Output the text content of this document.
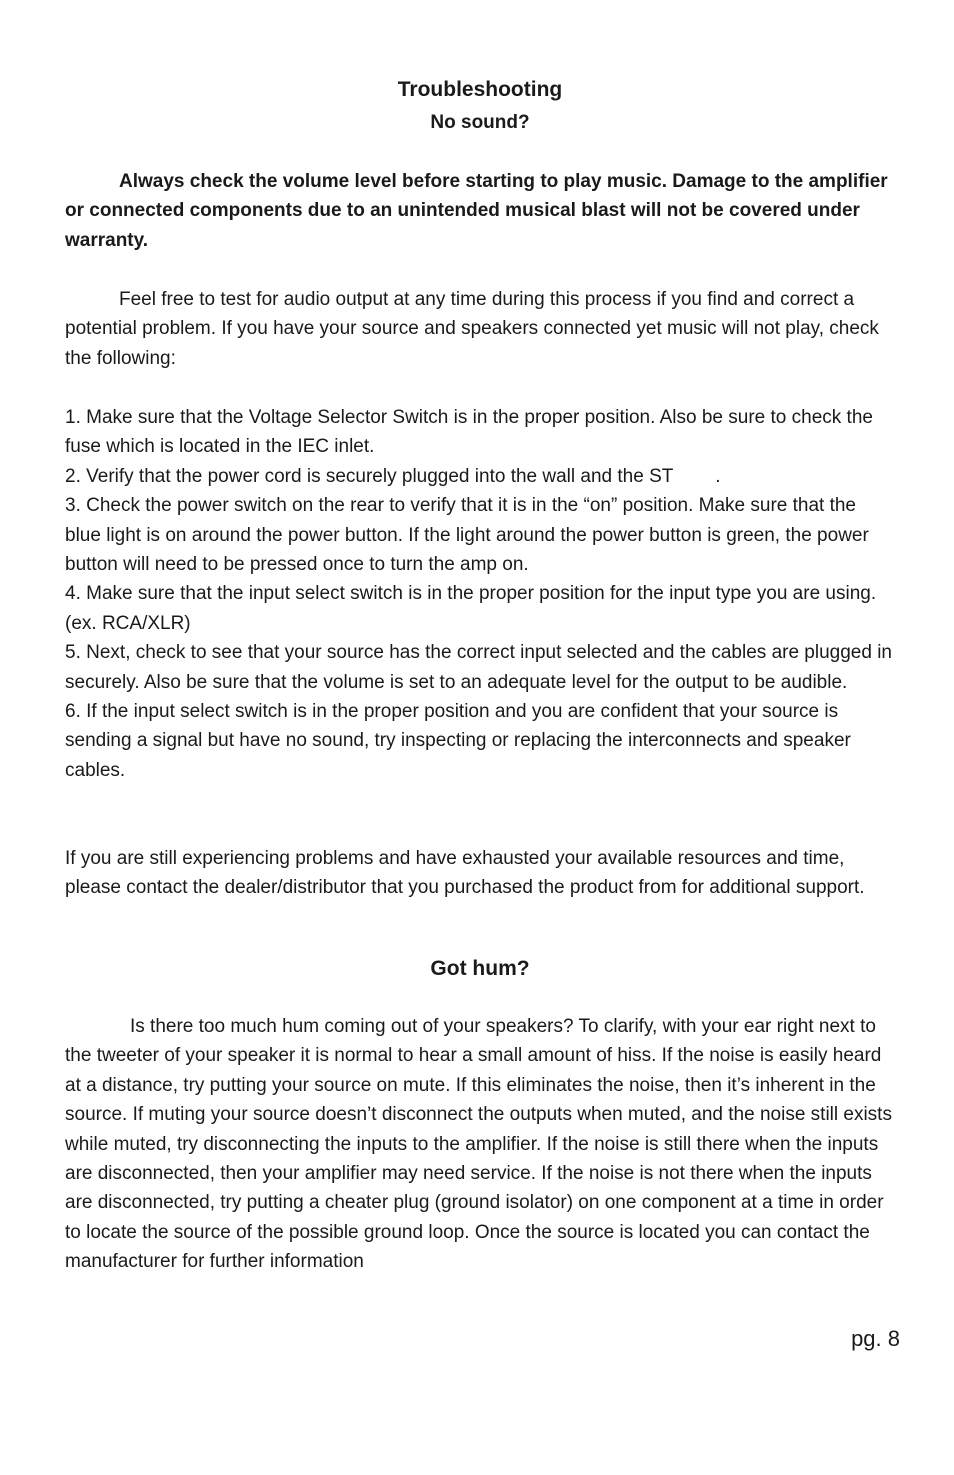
Troubleshooting
No sound?

Always check the volume level before starting to play music. Damage to the amplifier or connected components due to an unintended musical blast will not be covered under warranty.

Feel free to test for audio output at any time during this process if you find and correct a potential problem. If you have your source and speakers connected yet music will not play, check the following:

1. Make sure that the Voltage Selector Switch is in the proper position. Also be sure to check the fuse which is located in the IEC inlet.

2. Verify that the power cord is securely plugged into the wall and the ST        .

3. Check the power switch on the rear to verify that it is in the “on” position. Make sure that the blue light is on around the power button. If the light around the power button is green, the power button will need to be pressed once to turn the amp on.

4. Make sure that the input select switch is in the proper position for the input type you are using. (ex. RCA/XLR)

5. Next, check to see that your source has the correct input selected and the cables are plugged in securely. Also be sure that the volume is set to an adequate level for the output to be audible.

6. If the input select switch is in the proper position and you are confident that your source is sending a signal but have no sound, try inspecting or replacing the interconnects and speaker cables.

If you are still experiencing problems and have exhausted your available resources and time, please contact the dealer/distributor that you purchased the product from for additional support.

Got hum?

Is there too much hum coming out of your speakers? To clarify, with your ear right next to the tweeter of your speaker it is normal to hear a small amount of hiss. If the noise is easily heard at a distance, try putting your source on mute. If this eliminates the noise, then it’s inherent in the source. If muting your source doesn’t disconnect the outputs when muted, and the noise still exists while muted, try disconnecting the inputs to the amplifier. If the noise is still there when the inputs are disconnected, then your amplifier may need service. If the noise is not there when the inputs are disconnected, try putting a cheater plug (ground isolator) on one component at a time in order to locate the source of the possible ground loop. Once the source is located you can contact the manufacturer for further information

pg. 8
